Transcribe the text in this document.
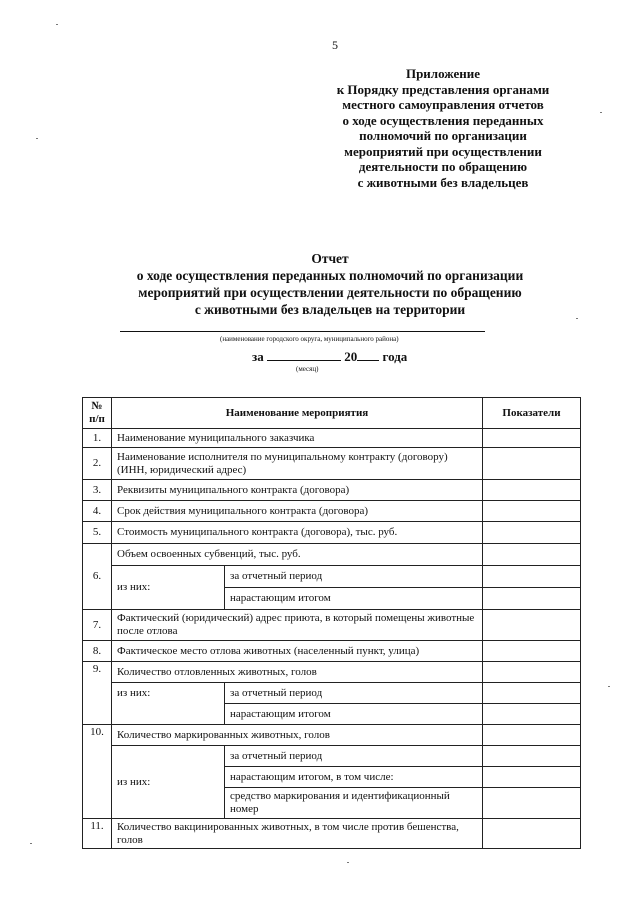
5
Приложение
к Порядку представления органами
местного самоуправления отчетов
о ходе осуществления переданных
полномочий по организации
мероприятий при осуществлении
деятельности по обращению
с животными без владельцев
Отчет
о ходе осуществления переданных полномочий по организации
мероприятий при осуществлении деятельности по обращению
с животными без владельцев на территории
(наименование городского округа, муниципального района)
за	20 года
(месяц)
№ п/п	Наименование мероприятия		Показатели
1.	Наименование муниципального заказчика		
2.	Наименование исполнителя по муниципальному контракту (договору) (ИНН, юридический адрес)		
3.	Реквизиты муниципального контракта (договора)		
4.	Срок действия муниципального контракта (договора)		
5.	Стоимость муниципального контракта (договора), тыс. руб.		
6.	Объем освоенных субвенций, тыс. руб.		
	из них:	за отчетный период	
		нарастающим итогом	
7.	Фактический (юридический) адрес приюта, в который помещены животные после отлова		
8.	Фактическое место отлова животных (населенный пункт, улица)		
9.	Количество отловленных животных, голов		
	из них:	за отчетный период	
		нарастающим итогом	
10.	Количество маркированных животных, голов		
	из них:	за отчетный период	
		нарастающим итогом, в том числе:	
		средство маркирования и идентификационный номер	
11.	Количество вакцинированных животных, в том числе против бешенства, голов		
